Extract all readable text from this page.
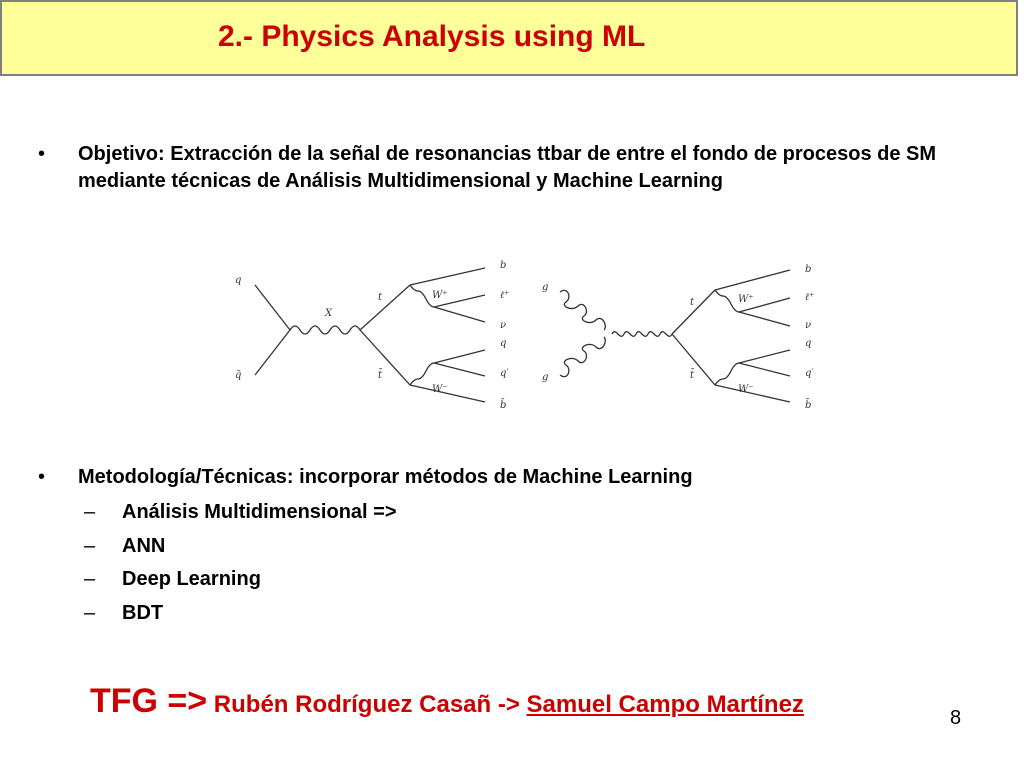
2.- Physics Analysis using ML
• Objetivo: Extracción de la señal de resonancias ttbar de entre el fondo de procesos de SM mediante técnicas de Análisis Multidimensional y Machine Learning
q
q̄
X
t
t̄
W⁺
W⁻
b
ℓ⁺
ν
q
q′
b̄
g
g
t
t̄
W⁺
W⁻
b
ℓ⁺
ν
q
q′
b̄
• Metodología/Técnicas: incorporar métodos de Machine Learning
– Análisis Multidimensional =>
– ANN
– Deep Learning
– BDT
TFG => Rubén Rodríguez Casañ -> Samuel Campo Martínez	8
